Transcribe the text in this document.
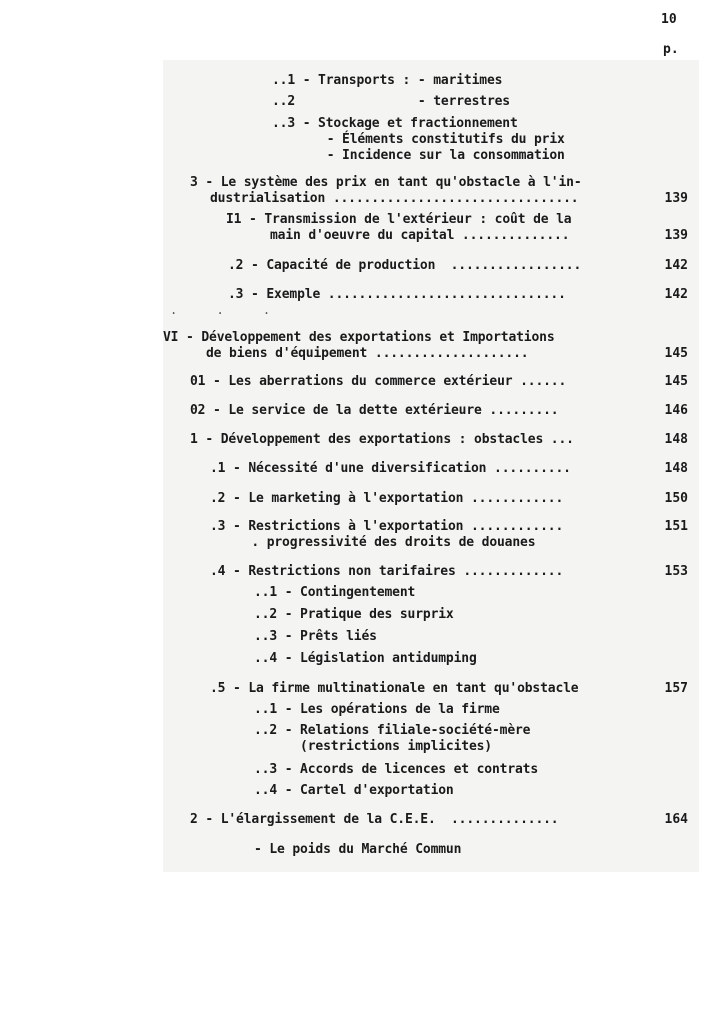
10
p.
..1 - Transports : - maritimes
..2                - terrestres
..3 - Stockage et fractionnement
- Éléments constitutifs du prix
- Incidence sur la consommation
3 - Le système des prix en tant qu'obstacle à l'in-
dustrialisation ................................	139
I1 - Transmission de l'extérieur : coût de la
main d'oeuvre du capital ..............	139
.2 - Capacité de production  .................	142
.3 - Exemple ...............................	142
. . .
VI - Développement des exportations et Importations
de biens d'équipement ....................	145
01 - Les aberrations du commerce extérieur ......	145
02 - Le service de la dette extérieure .........	146
1 - Développement des exportations : obstacles ...	148
.1 - Nécessité d'une diversification ..........	148
.2 - Le marketing à l'exportation ............	150
.3 - Restrictions à l'exportation ............	151
. progressivité des droits de douanes
.4 - Restrictions non tarifaires .............	153
..1 - Contingentement
..2 - Pratique des surprix
..3 - Prêts liés
..4 - Législation antidumping
.5 - La firme multinationale en tant qu'obstacle	157
..1 - Les opérations de la firme
..2 - Relations filiale-société-mère
(restrictions implicites)
..3 - Accords de licences et contrats
..4 - Cartel d'exportation
2 - L'élargissement de la C.E.E.  ..............	164
- Le poids du Marché Commun
